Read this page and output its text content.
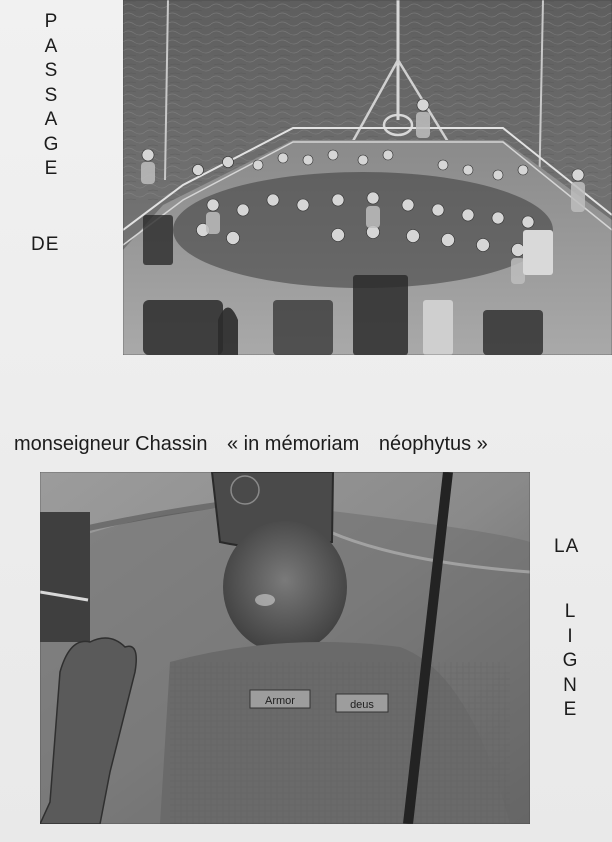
P
A
S
S
A
G
E
DE
monseigneur Chassin « in mémoriam néophytus »
Armor	deus
LA
L
I
G
N
E
